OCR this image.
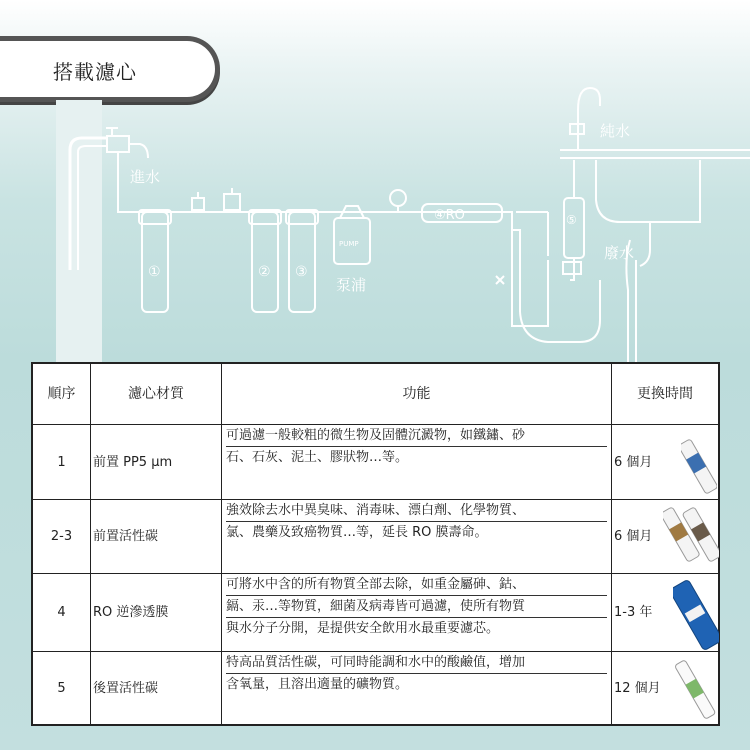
搭載濾心
進水
純水
廢水
泵浦
④RO
①	② ③
⑤
PUMP
順序	濾心材質	功能	更換時間
1	前置 PP5 µm
可過濾一般較粗的微生物及固體沉澱物，如鐵鏽、砂
石、石灰、泥土、膠狀物…等。	6 個月
2-3	前置活性碳
強效除去水中異臭味、消毒味、漂白劑、化學物質、
氯、農藥及致癌物質…等，延長 RO 膜壽命。	6 個月
4	RO 逆滲透膜
可將水中含的所有物質全部去除，如重金屬砷、鈷、
鎘、汞…等物質，細菌及病毒皆可過濾，使所有物質
與水分子分開，是提供安全飲用水最重要濾芯。
1-3 年
5	後置活性碳
特高品質活性碳，可同時能調和水中的酸鹼值，增加
含氧量，且溶出適量的礦物質。	12 個月
